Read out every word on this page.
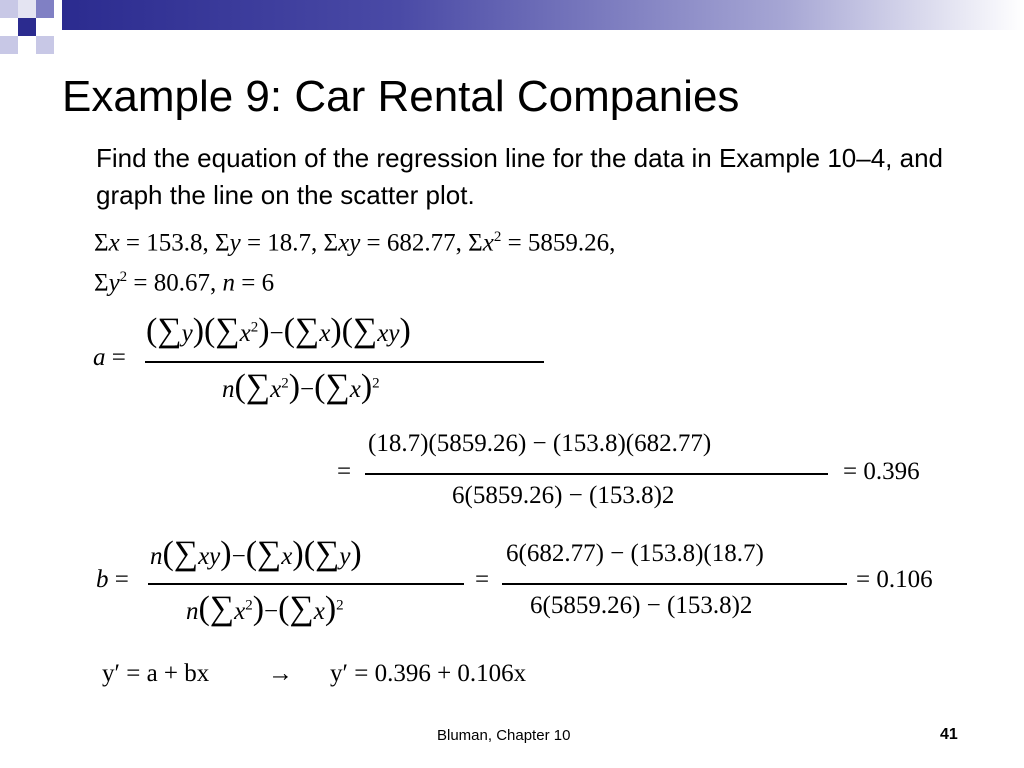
Example 9: Car Rental Companies
Find the equation of the regression line for the data in Example 10–4, and graph the line on the scatter plot.
Σx = 153.8, Σy = 18.7, Σxy = 682.77, $\Sigma x^2 = 5859.26$,
$\Sigma y^2 = 80.67$, n = 6
a =
$(\sum y)(\sum x^2)-(\sum x)(\sum xy)$
$n(\sum x^2)-(\sum x)^2$
=
(18.7)(5859.26) − (153.8)(682.77)
6(5859.26) − (153.8)2
= 0.396
b =
n(∑xy)−(∑x)(∑y)
$n(\sum x^2)-(\sum x)^2$
=
6(682.77) − (153.8)(18.7)
6(5859.26) − (153.8)2
= 0.106
y′ = a + bx → y′ = 0.396 + 0.106x
Bluman, Chapter 10	41
